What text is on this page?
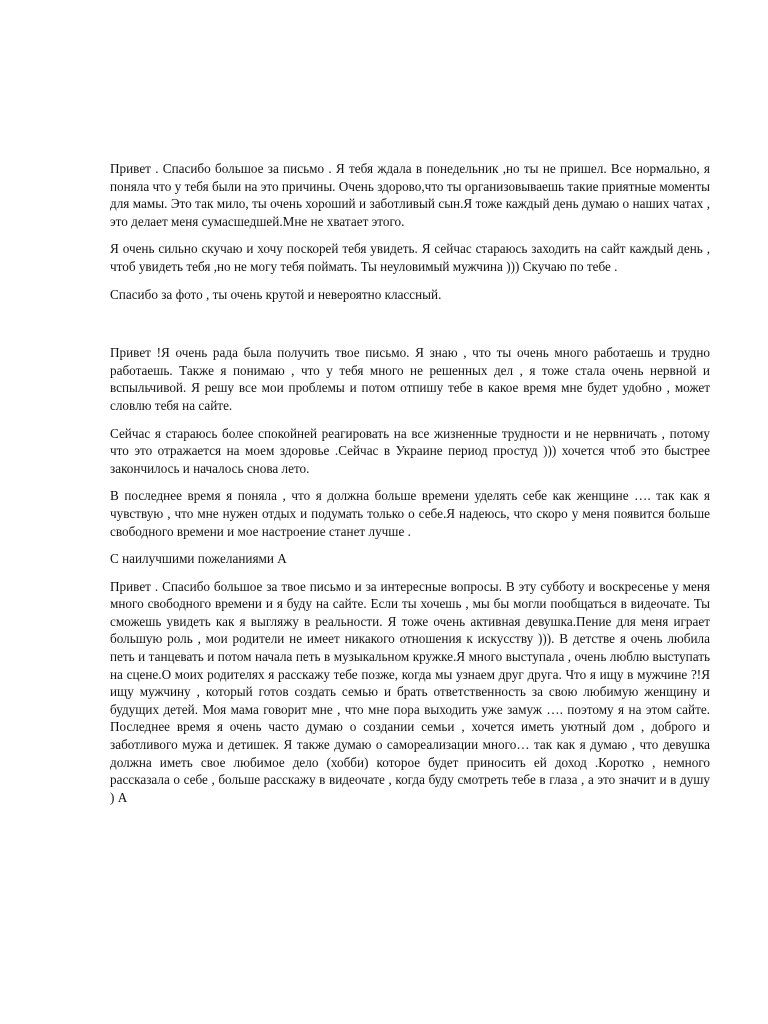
Привет . Спасибо большое за письмо . Я тебя ждала в понедельник ,но ты не пришел. Все нормально, я поняла что у тебя были на это причины. Очень здорово,что ты организовываешь такие приятные моменты для мамы. Это так мило, ты очень хороший и заботливый сын.Я тоже каждый день думаю о наших чатах , это делает меня сумасшедшей.Мне не хватает этого.

Я очень сильно скучаю и хочу поскорей тебя увидеть. Я сейчас стараюсь заходить на сайт каждый день , чтоб увидеть тебя ,но не могу тебя поймать. Ты неуловимый мужчина ))) Скучаю по тебе .

Спасибо за фото , ты очень крутой и невероятно классный.

Привет !Я очень рада была получить твое письмо. Я знаю , что ты очень много работаешь и трудно работаешь. Также я понимаю , что у тебя много не решенных дел , я тоже стала очень нервной и вспыльчивой. Я решу все мои проблемы и потом отпишу тебе в какое время мне будет удобно , может словлю тебя на сайте.

Сейчас я стараюсь более спокойней реагировать на все жизненные трудности и не нервничать , потому что это отражается на моем здоровье .Сейчас в Украине период простуд ))) хочется чтоб это быстрее закончилось и началось снова лето.

В последнее время я поняла , что я должна больше времени уделять себе как женщине …. так как я чувствую , что мне нужен отдых и подумать только о себе.Я надеюсь, что скоро у меня появится больше свободного времени и мое настроение станет лучше .

С наилучшими пожеланиями А

Привет . Спасибо большое за твое письмо и за интересные вопросы. В эту субботу и воскресенье у меня много свободного времени и я буду на сайте. Если ты хочешь , мы бы могли пообщаться в видеочате. Ты сможешь увидеть как я выгляжу в реальности. Я тоже очень активная девушка.Пение для меня играет большую роль , мои родители не имеет никакого отношения к искусству ))). В детстве я очень любила петь и танцевать и потом начала петь в музыкальном кружке.Я много выступала , очень люблю выступать на сцене.О моих родителях я расскажу тебе позже, когда мы узнаем друг друга. Что я ищу в мужчине ?!Я ищу мужчину , который готов создать семью и брать ответственность за свою любимую женщину и будущих детей. Моя мама говорит мне , что мне пора выходить уже замуж …. поэтому я на этом сайте. Последнее время я очень часто думаю о создании семьи , хочется иметь уютный дом , доброго и заботливого мужа и детишек. Я также думаю о самореализации много… так как я думаю , что девушка должна иметь свое любимое дело (хобби) которое будет приносить ей доход .Коротко , немного рассказала о себе , больше расскажу в видеочате , когда буду смотреть тебе в глаза , а это значит и в душу ) А
